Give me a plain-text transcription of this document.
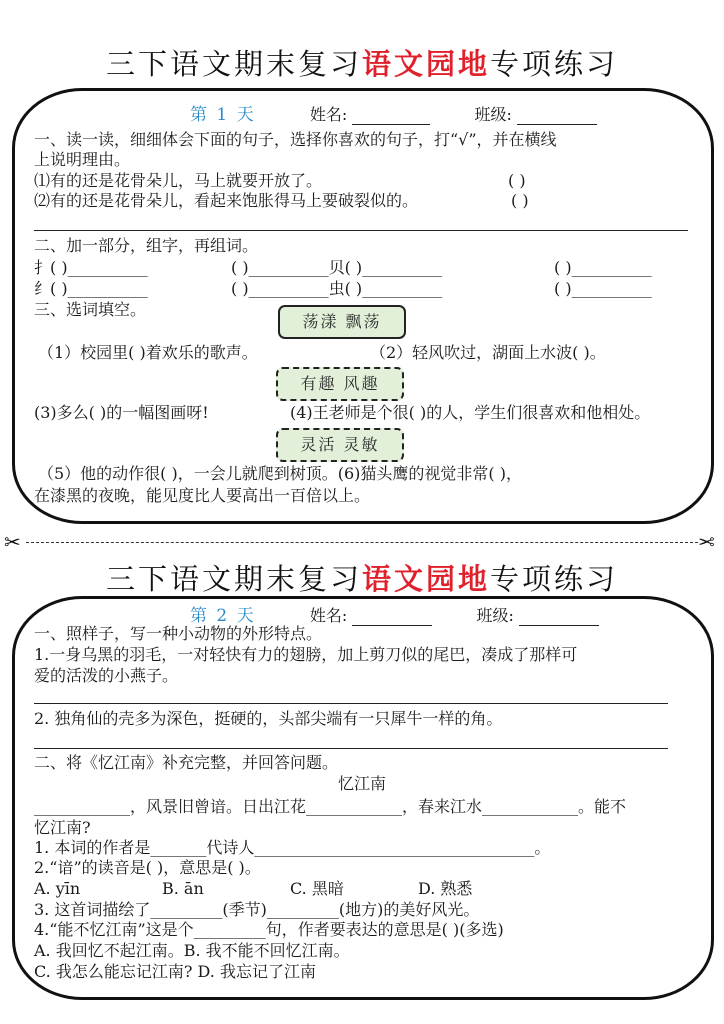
三下语文期末复习语文园地专项练习
第 1 天	姓名:	班级:
一、读一读，细细体会下面的句子，选择你喜欢的句子，打“√”，并在横线
上说明理由。
⑴有的还是花骨朵儿，马上就要开放了。	( )
⑵有的还是花骨朵儿，看起来饱胀得马上要破裂似的。	( )
二、加一部分，组字，再组词。
扌( )__________	( )__________贝( )__________	( )__________
纟( )__________	( )__________虫( )__________	( )__________
三、选词填空。
荡漾 飘荡
（1）校园里( )着欢乐的歌声。	（2）轻风吹过，湖面上水波( )。
有趣 风趣
(3)多么( )的一幅图画呀!	(4)王老师是个很( )的人，学生们很喜欢和他相处。
灵活 灵敏
（5）他的动作很( )，一会儿就爬到树顶。(6)猫头鹰的视觉非常( )，
在漆黑的夜晚，能见度比人要高出一百倍以上。
✂	✂
三下语文期末复习语文园地专项练习
第 2 天	姓名:	班级:
一、照样子，写一种小动物的外形特点。
1.一身乌黑的羽毛，一对轻快有力的翅膀，加上剪刀似的尾巴，凑成了那样可
爱的活泼的小燕子。
2. 独角仙的壳多为深色，挺硬的，头部尖端有一只犀牛一样的角。
二、将《忆江南》补充完整，并回答问题。
忆江南
____________，风景旧曾谙。日出江花____________，春来江水____________。能不
忆江南?
1. 本词的作者是_______代诗人___________________________________。
2.“谙”的读音是( )，意思是( )。
A. yīn	B. ān	C. 黑暗	D. 熟悉
3. 这首词描绘了_________(季节)_________(地方)的美好风光。
4.“能不忆江南”这是个_________句，作者要表达的意思是( )(多选)
A. 我回忆不起江南。B. 我不能不回忆江南。
C. 我怎么能忘记江南? D. 我忘记了江南
